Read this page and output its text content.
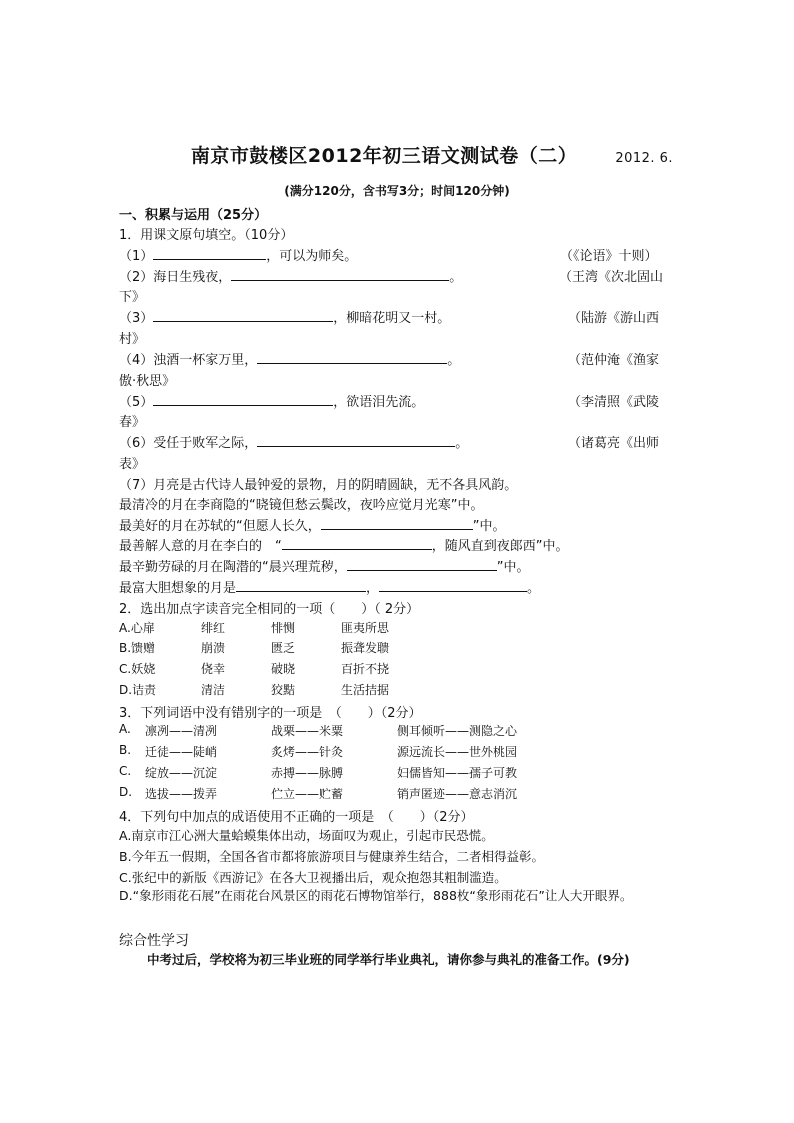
南京市鼓楼区2012年初三语文测试卷（二）	2012. 6.
(满分120分，含书写3分；时间120分钟)
一、积累与运用（25分）
1．用课文原句填空。（10分）
（1）	，可以为师矣。	（《论语》十则）
（2）海日生残夜，	。	（王湾《次北固山
下》
（3）	，柳暗花明又一村。	（陆游《游山西
村》
（4）浊酒一杯家万里，	。	（范仲淹《渔家
傲·秋思》
（5）	，欲语泪先流。	（李清照《武陵
春》
（6）受任于败军之际，	。	（诸葛亮《出师
表》
（7）月亮是古代诗人最钟爱的景物，月的阴晴圆缺，无不各具风韵。
最清冷的月在李商隐的“晓镜但愁云鬓改，夜吟应觉月光寒”中。
最美好的月在苏轼的“但愿人长久，	”中。
最善解人意的月在李白的　“	，随风直到夜郎西”中。
最辛勤劳碌的月在陶潜的“晨兴理荒秽，	”中。
最富大胆想象的月是	，	。
2．选出加点字读音完全相同的一项（　　）（ 2分）
A.心扉	绯红	悱恻	匪夷所思
B.馈赠	崩溃	匮乏	振聋发聩
C.妖娆	侥幸	破晓	百折不挠
D.诘责	清洁	狡黠	生活拮据
3．下列词语中没有错别字的一项是　（　　）（2分）
A. 凛冽——清冽	战栗——米粟	侧耳倾听——测隐之心
B. 迁徒——陡峭	炙烤——针灸	源远流长——世外桃园
C. 绽放——沉淀	赤搏——脉膊	妇儒皆知——孺子可教
D. 选拔——拨弄	伫立——贮蓄	销声匿迹——意志消沉
4．下列句中加点的成语使用不正确的一项是　（　　）（2分）
A.南京市江心洲大量蛤蟆集体出动，场面叹为观止，引起市民恐慌。
B.今年五一假期，全国各省市都将旅游项目与健康养生结合，二者相得益彰。
C.张纪中的新版《西游记》在各大卫视播出后，观众抱怨其粗制滥造。
D.“象形雨花石展”在雨花台风景区的雨花石博物馆举行，888枚“象形雨花石”让人大开眼界。
综合性学习
中考过后，学校将为初三毕业班的同学举行毕业典礼，请你参与典礼的准备工作。(9分)
